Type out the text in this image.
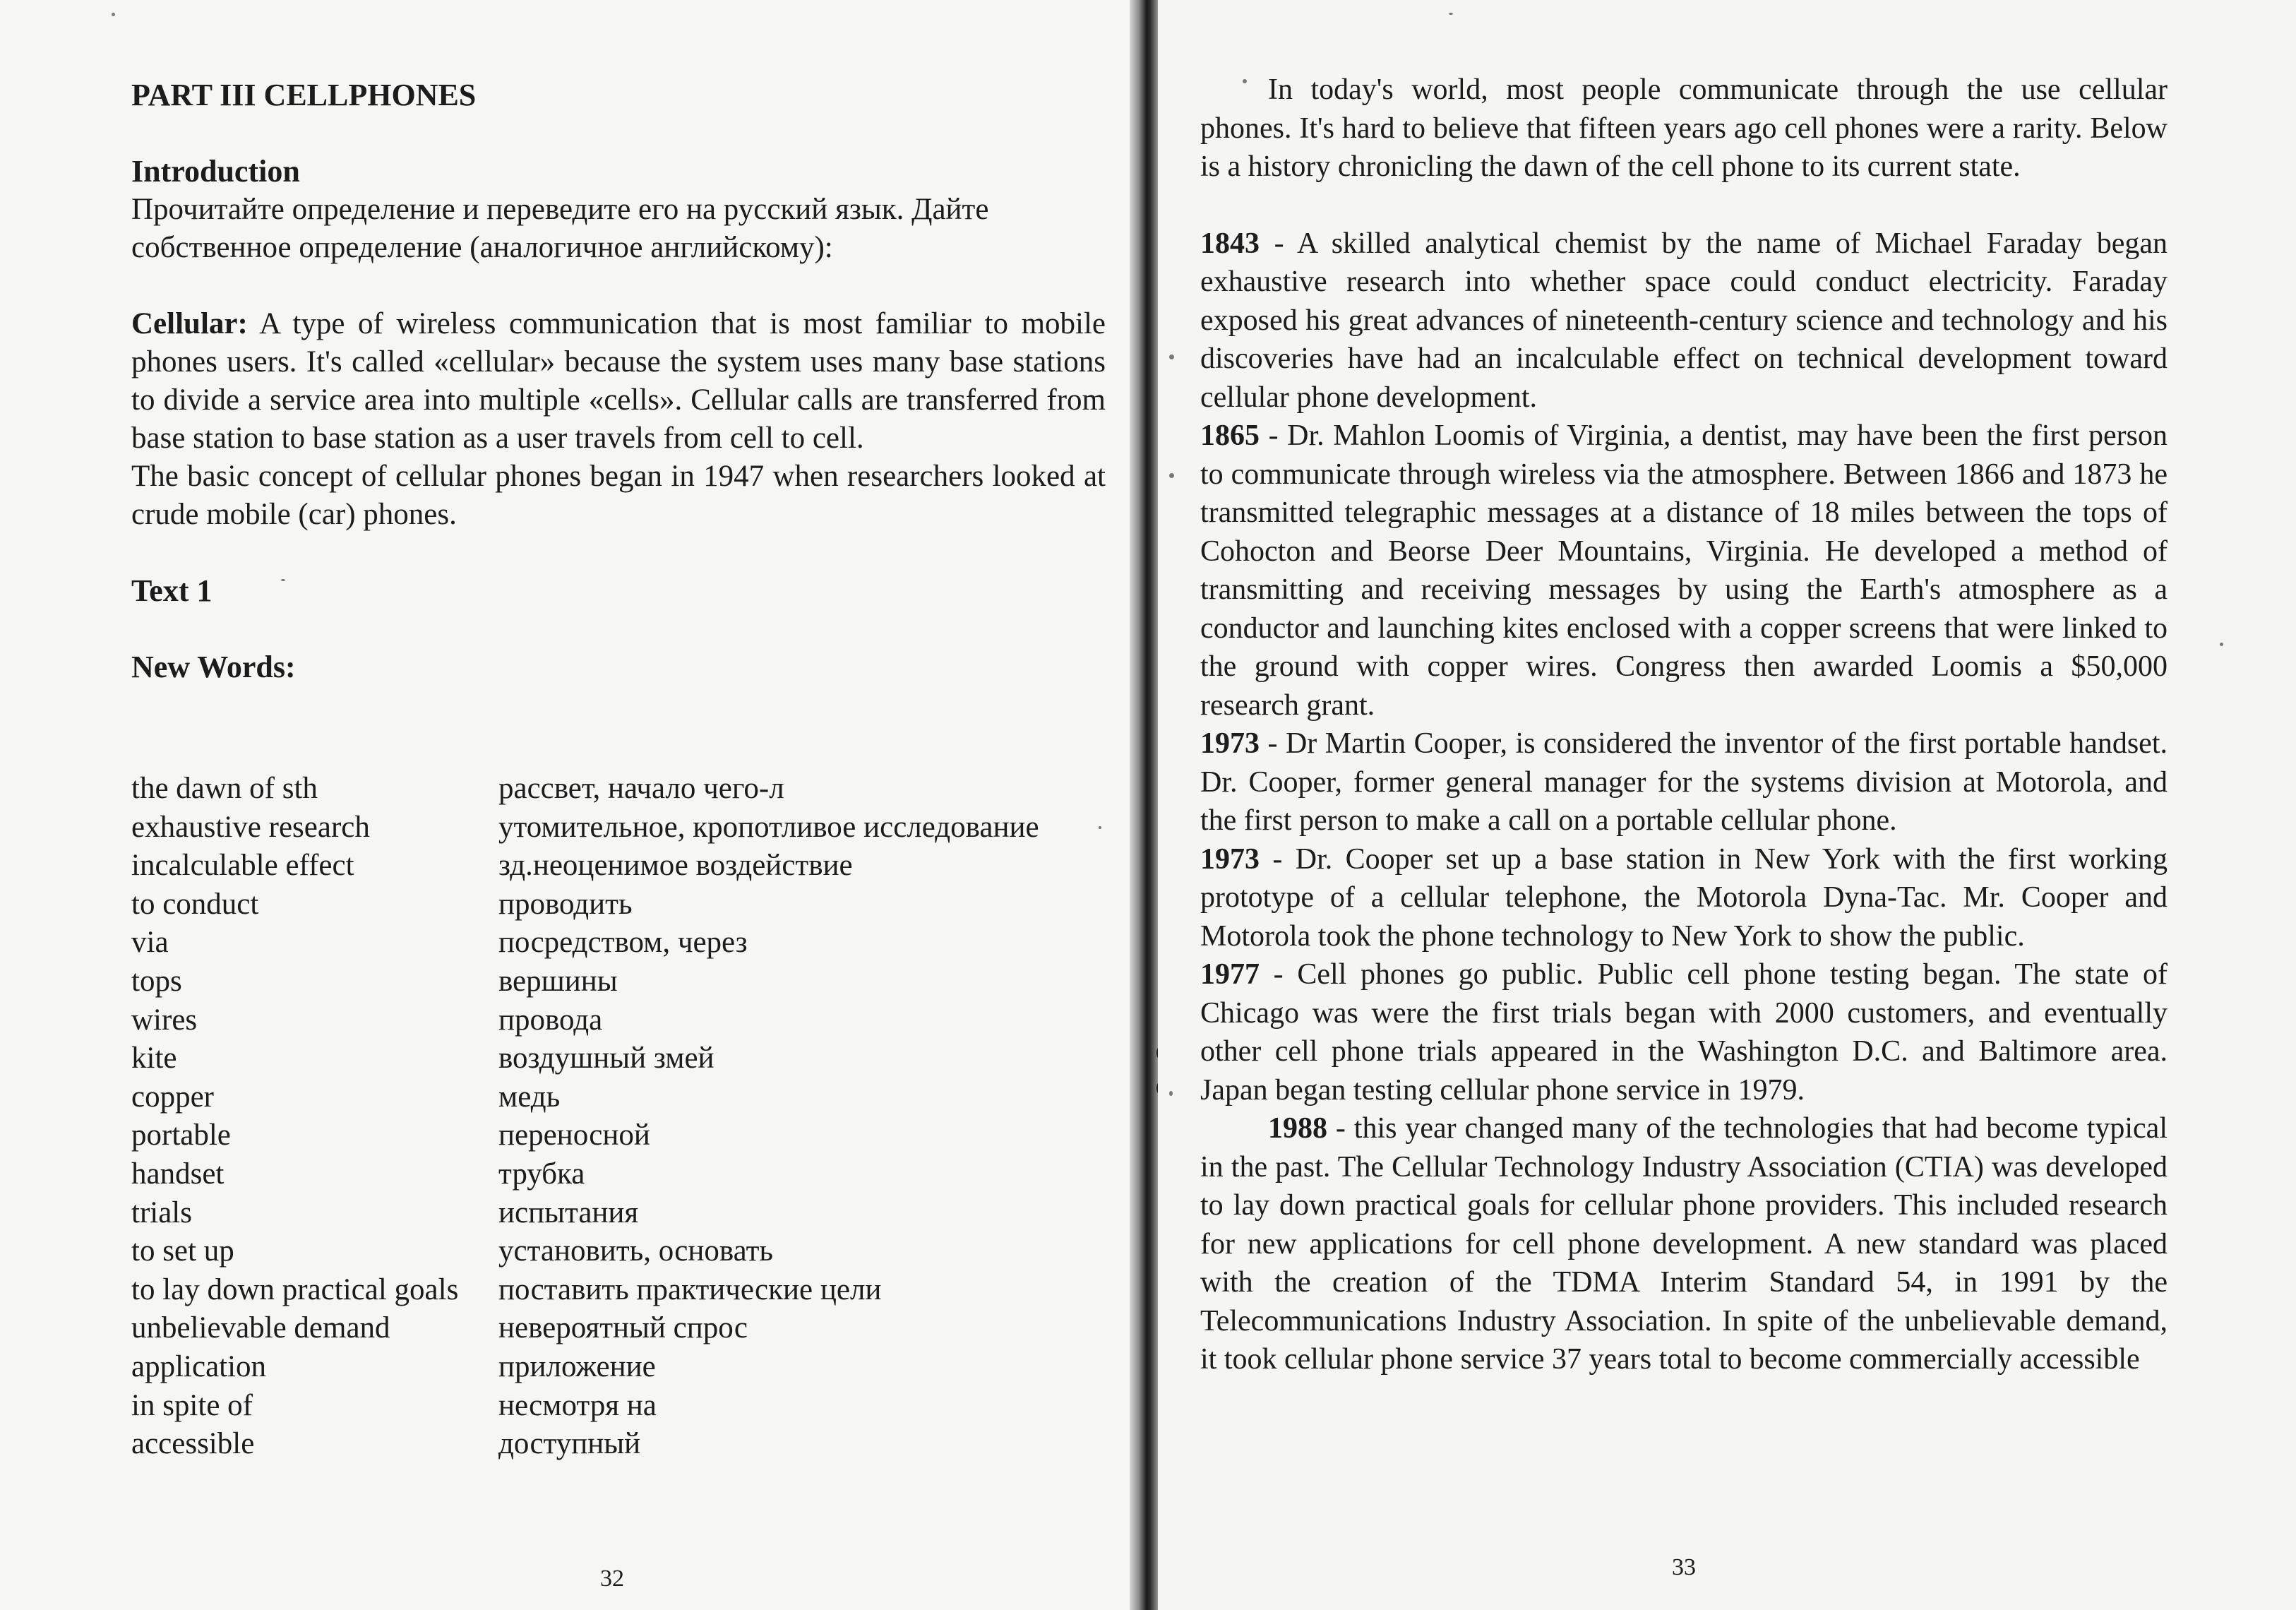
PART III CELLPHONES

Introduction

Прочитайте определение и переведите его на русский язык. Дайте

собственное определение (аналогичное английскому):

Cellular: A type of wireless communication that is most familiar to mobile phones users. It's called «cellular» because the system uses many base stations to divide a service area into multiple «cells». Cellular calls are transferred from base station to base station as a user travels from cell to cell.

The basic concept of cellular phones began in 1947 when researchers looked at crude mobile (car) phones.

Text 1

New Words:

the dawn of sth	рассвет, начало чего-л
exhaustive research	утомительное, кропотливое исследование
incalculable effect	зд.неоценимое воздействие
to conduct	проводить
via	посредством, через
tops	вершины
wires	провода
kite	воздушный змей
copper	медь
portable	переносной
handset	трубка
trials	испытания
to set up	установить, основать
to lay down practical goals поставить практические цели
unbelievable demand	невероятный спрос
application	приложение
in spite of	несмотря на
accessible	доступный
32

In today's world, most people communicate through the use cellular phones. It's hard to believe that fifteen years ago cell phones were a rarity. Below is a history chronicling the dawn of the cell phone to its current state.

1843 - A skilled analytical chemist by the name of Michael Faraday began exhaustive research into whether space could conduct electricity. Faraday exposed his great advances of nineteenth-century science and technology and his discoveries have had an incalculable effect on technical development toward cellular phone development.

1865 - Dr. Mahlon Loomis of Virginia, a dentist, may have been the first person to communicate through wireless via the atmosphere. Between 1866 and 1873 he transmitted telegraphic messages at a distance of 18 miles between the tops of Cohocton and Beorse Deer Mountains, Virginia. He developed a method of transmitting and receiving messages by using the Earth's atmosphere as a conductor and launching kites enclosed with a copper screens that were linked to the ground with copper wires. Congress then awarded Loomis a $50,000 research grant.

1973 - Dr Martin Cooper, is considered the inventor of the first portable handset. Dr. Cooper, former general manager for the systems division at Motorola, and the first person to make a call on a portable cellular phone.

1973 - Dr. Cooper set up a base station in New York with the first working prototype of a cellular telephone, the Motorola Dyna-Tac. Mr. Cooper and Motorola took the phone technology to New York to show the public.

1977 - Cell phones go public. Public cell phone testing began. The state of Chicago was were the first trials began with 2000 customers, and eventually other cell phone trials appeared in the Washington D.C. and Baltimore area. Japan began testing cellular phone service in 1979.

1988 - this year changed many of the technologies that had become typical in the past. The Cellular Technology Industry Association (CTIA) was developed to lay down practical goals for cellular phone providers. This included research for new applications for cell phone development. A new standard was placed with the creation of the TDMA Interim Standard 54, in 1991 by the Telecommunications Industry Association. In spite of the unbelievable demand, it took cellular phone service 37 years total to become commercially accessible

33
